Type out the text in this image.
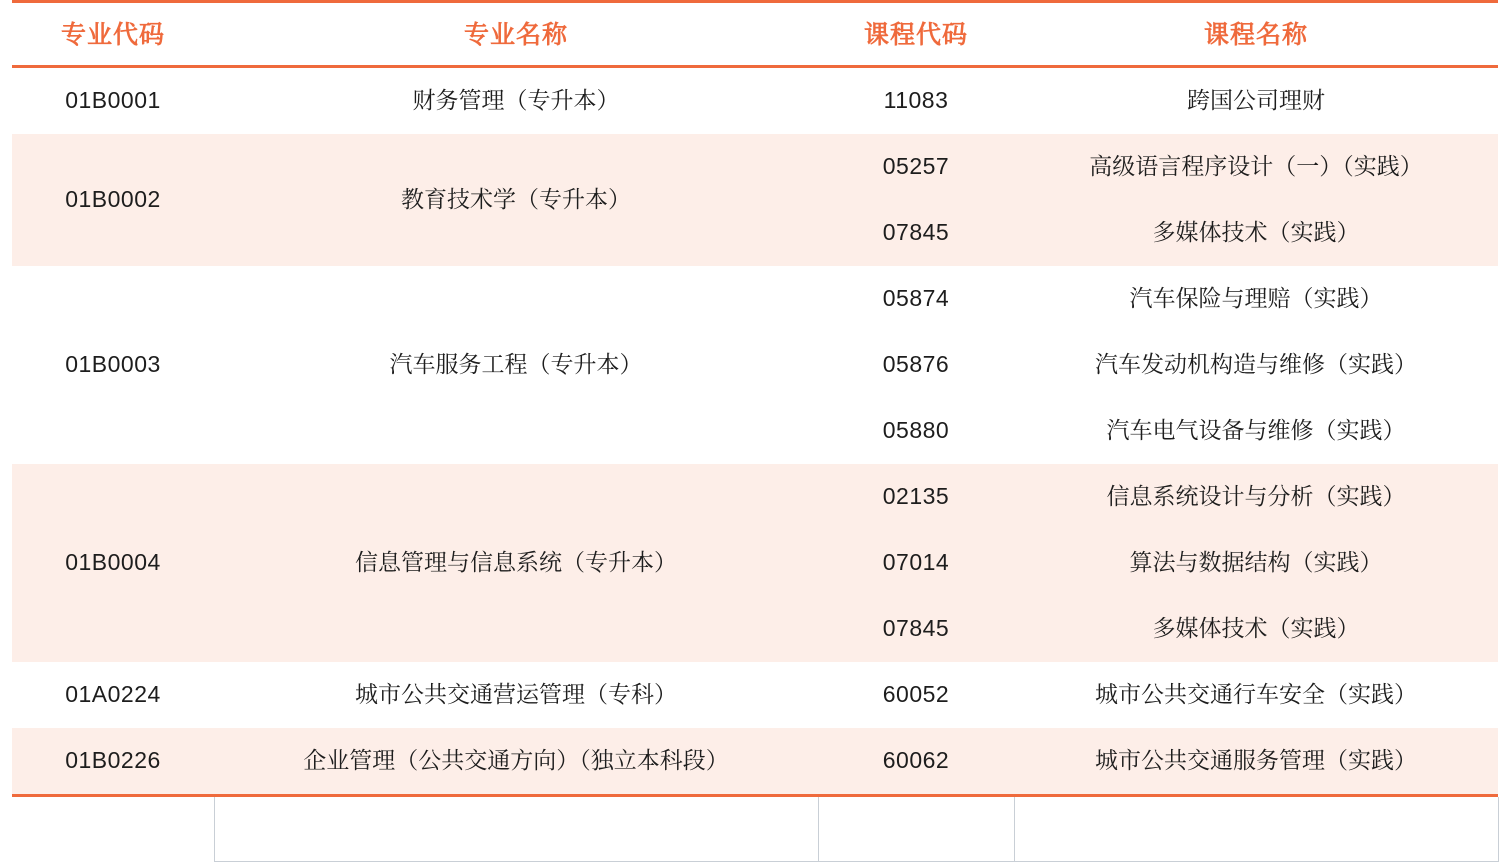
专业代码	专业名称	课程代码	课程名称
01B0001	财务管理（专升本）	11083	跨国公司理财
01B0002	教育技术学（专升本）	05257	高级语言程序设计（一）（实践）
		07845	多媒体技术（实践）
01B0003	汽车服务工程（专升本）	05874	汽车保险与理赔（实践）
		05876	汽车发动机构造与维修（实践）
		05880	汽车电气设备与维修（实践）
01B0004	信息管理与信息系统（专升本）	02135	信息系统设计与分析（实践）
		07014	算法与数据结构（实践）
		07845	多媒体技术（实践）
01A0224	城市公共交通营运管理（专科）	60052	城市公共交通行车安全（实践）
01B0226	企业管理（公共交通方向）（独立本科段）	60062	城市公共交通服务管理（实践）
